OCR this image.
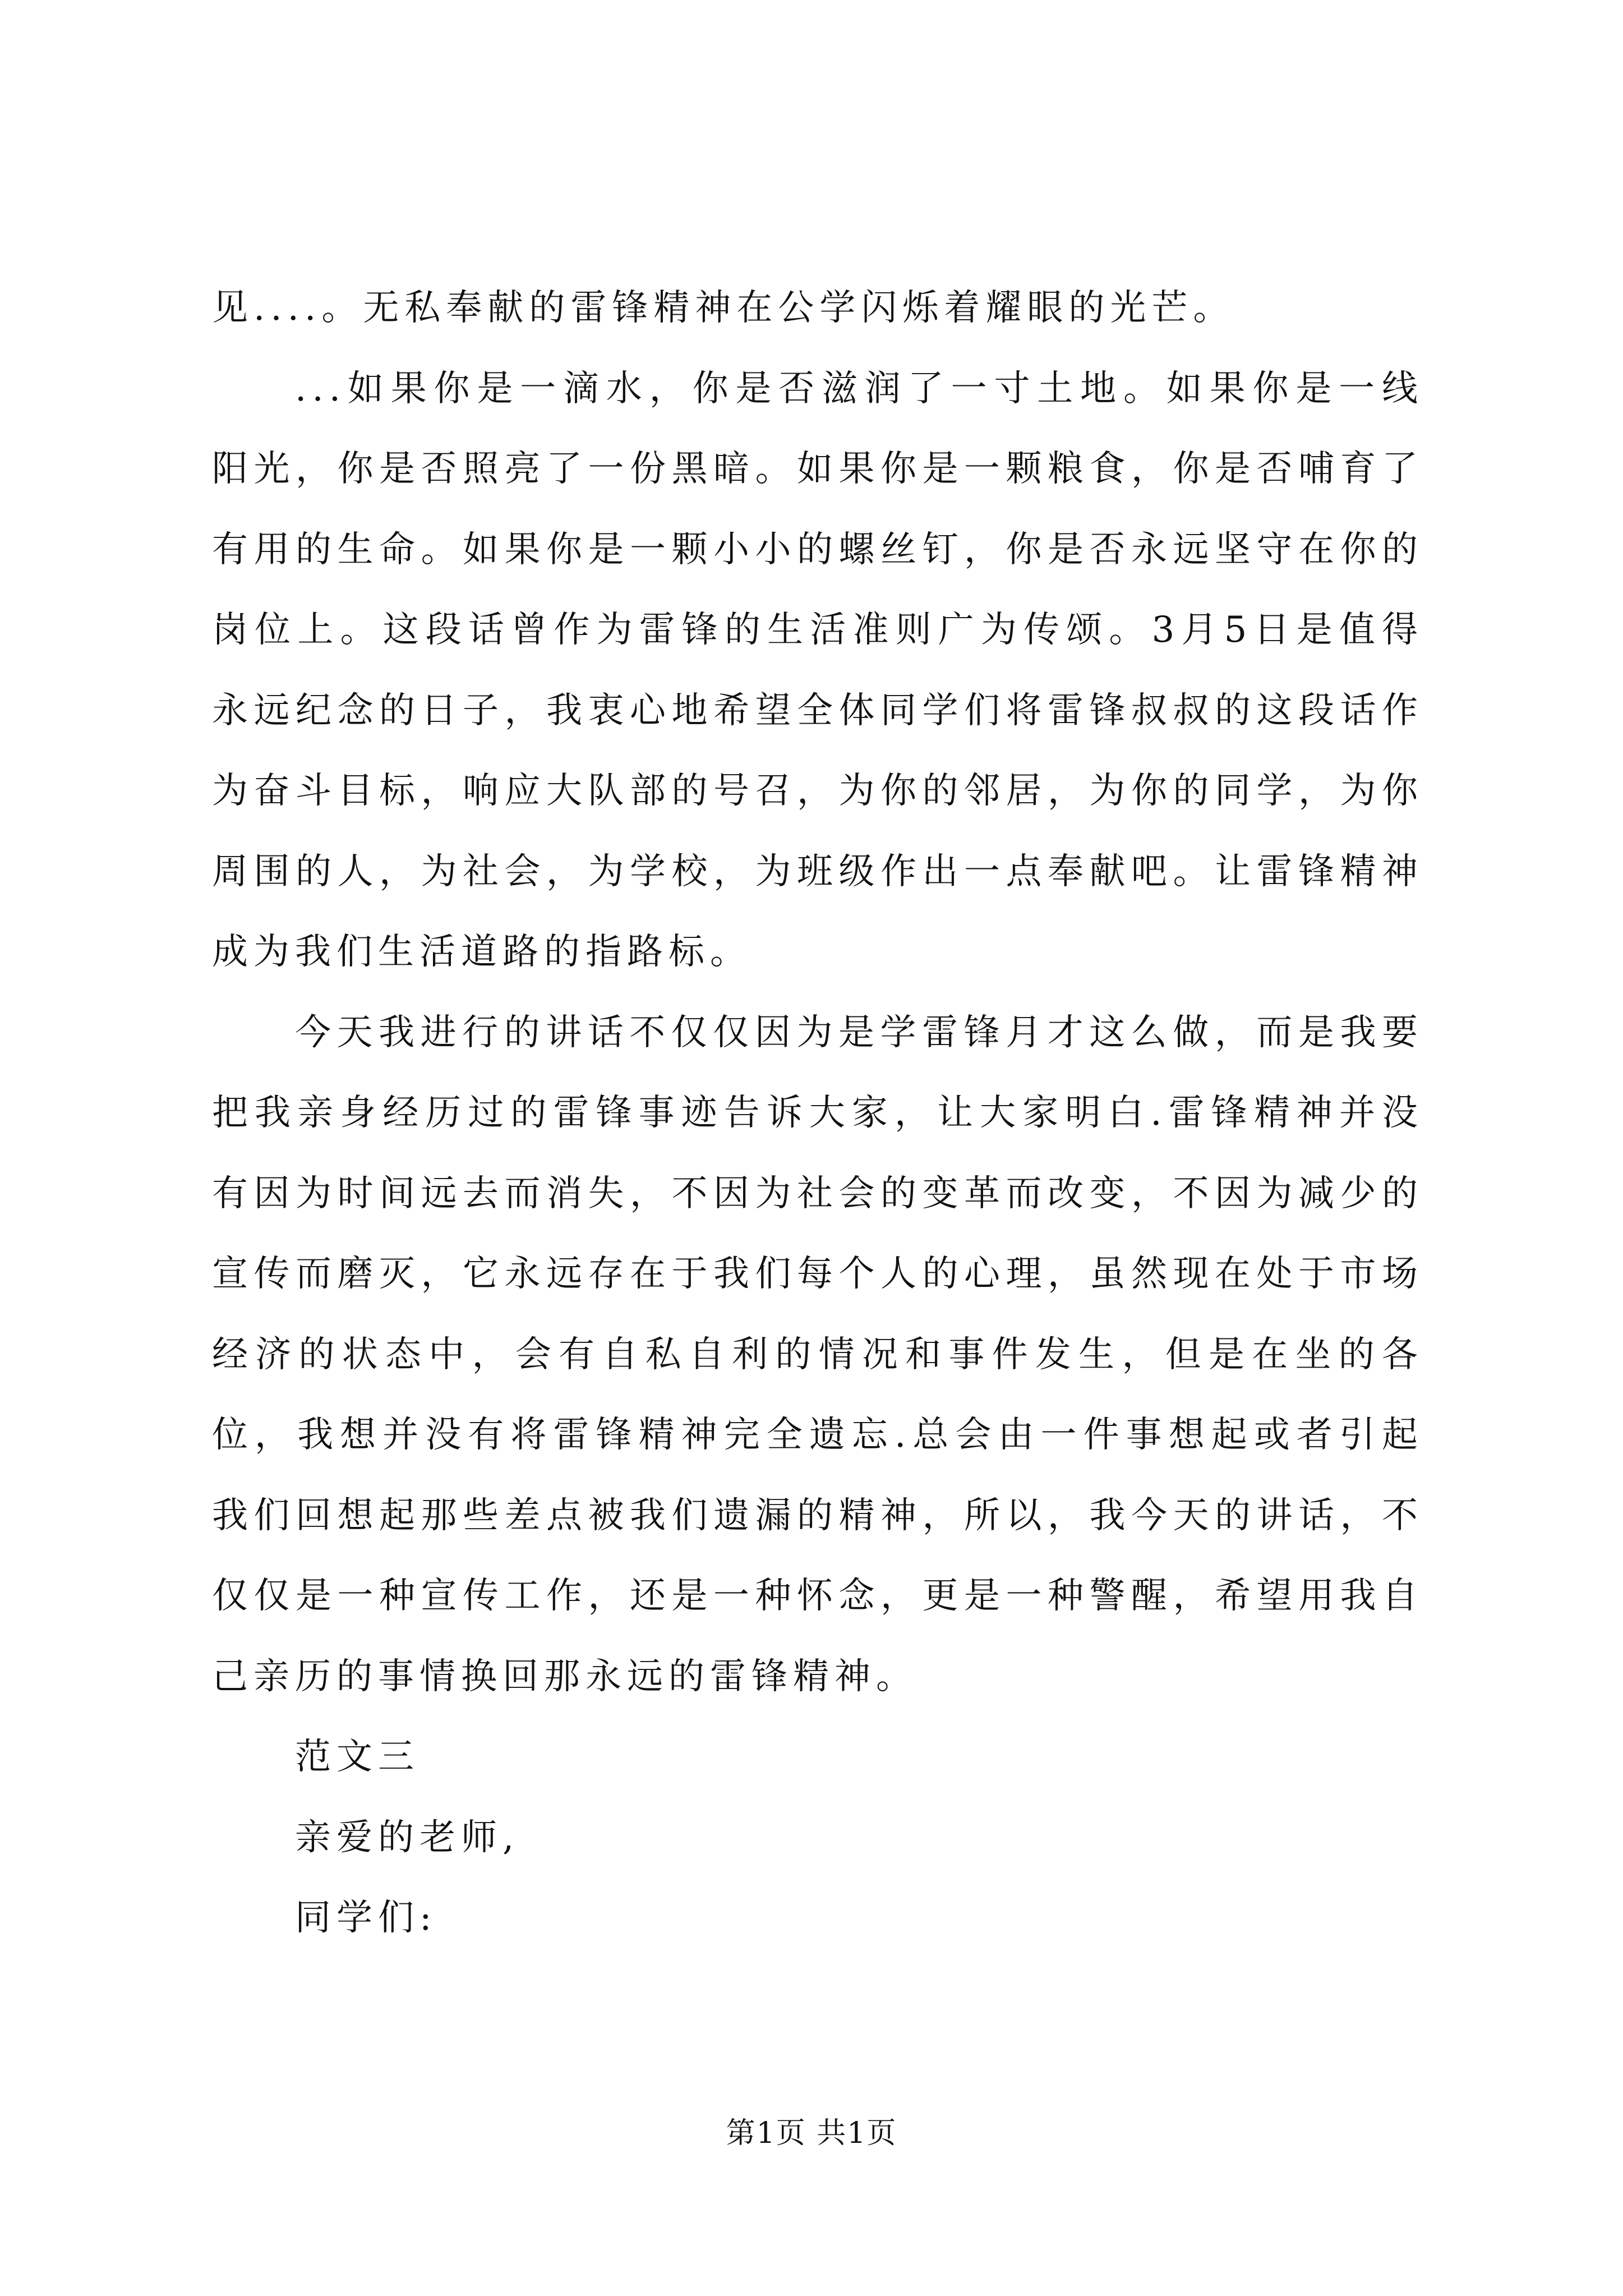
见....。无私奉献的雷锋精神在公学闪烁着耀眼的光芒。

...如果你是一滴水，你是否滋润了一寸土地。如果你是一线阳光，你是否照亮了一份黑暗。如果你是一颗粮食，你是否哺育了有用的生命。如果你是一颗小小的螺丝钉，你是否永远坚守在你的岗位上。这段话曾作为雷锋的生活准则广为传颂。3月5日是值得永远纪念的日子，我衷心地希望全体同学们将雷锋叔叔的这段话作为奋斗目标，响应大队部的号召，为你的邻居，为你的同学，为你周围的人，为社会，为学校，为班级作出一点奉献吧。让雷锋精神成为我们生活道路的指路标。

今天我进行的讲话不仅仅因为是学雷锋月才这么做，而是我要把我亲身经历过的雷锋事迹告诉大家，让大家明白.雷锋精神并没有因为时间远去而消失，不因为社会的变革而改变，不因为减少的宣传而磨灭，它永远存在于我们每个人的心理，虽然现在处于市场经济的状态中，会有自私自利的情况和事件发生，但是在坐的各位，我想并没有将雷锋精神完全遗忘.总会由一件事想起或者引起我们回想起那些差点被我们遗漏的精神，所以，我今天的讲话，不仅仅是一种宣传工作，还是一种怀念，更是一种警醒，希望用我自己亲历的事情换回那永远的雷锋精神。

范文三

亲爱的老师,

同学们:

第1页 共1页
